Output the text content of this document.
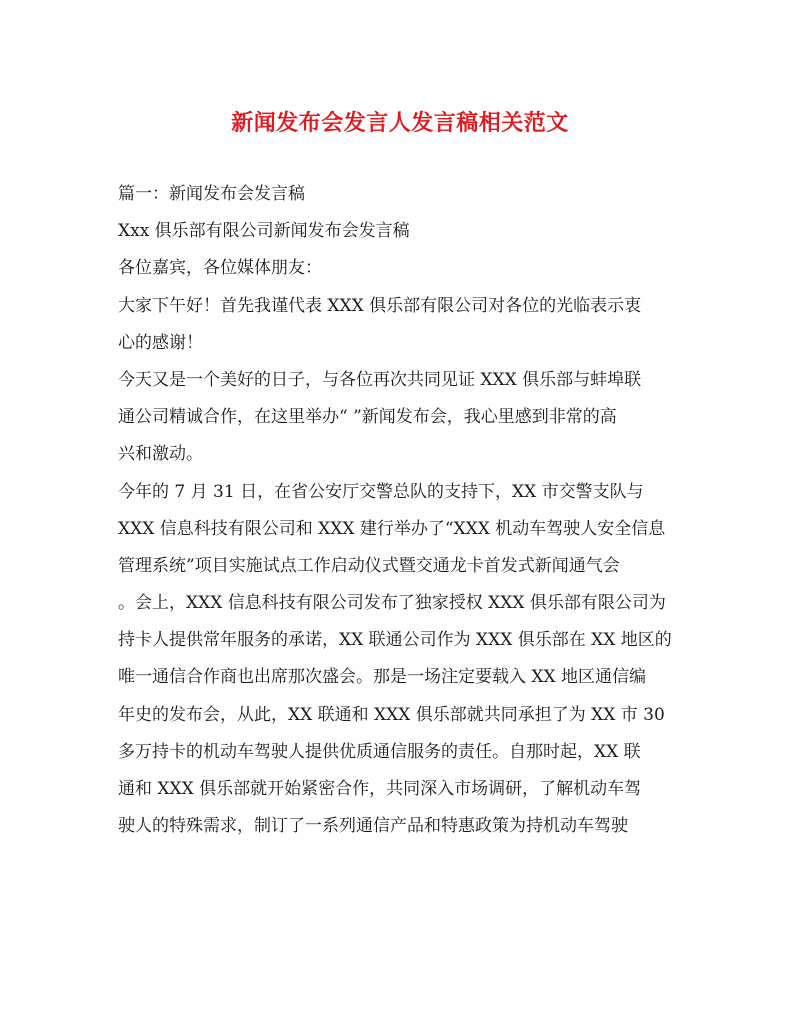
新闻发布会发言人发言稿相关范文
篇一：新闻发布会发言稿
Xxx 俱乐部有限公司新闻发布会发言稿
各位嘉宾，各位媒体朋友：
大家下午好！首先我谨代表 XXX 俱乐部有限公司对各位的光临表示衷
心的感谢！
今天又是一个美好的日子，与各位再次共同见证 XXX 俱乐部与蚌埠联
通公司精诚合作，在这里举办“ ”新闻发布会，我心里感到非常的高
兴和激动。
今年的 7 月 31 日，在省公安厅交警总队的支持下，XX 市交警支队与
XXX 信息科技有限公司和 XXX 建行举办了“XXX 机动车驾驶人安全信息
管理系统”项目实施试点工作启动仪式暨交通龙卡首发式新闻通气会
。会上，XXX 信息科技有限公司发布了独家授权 XXX 俱乐部有限公司为
持卡人提供常年服务的承诺，XX 联通公司作为 XXX 俱乐部在 XX 地区的
唯一通信合作商也出席那次盛会。那是一场注定要载入 XX 地区通信编
年史的发布会，从此，XX 联通和 XXX 俱乐部就共同承担了为 XX 市 30
多万持卡的机动车驾驶人提供优质通信服务的责任。自那时起，XX 联
通和 XXX 俱乐部就开始紧密合作，共同深入市场调研，了解机动车驾
驶人的特殊需求，制订了一系列通信产品和特惠政策为持机动车驾驶
